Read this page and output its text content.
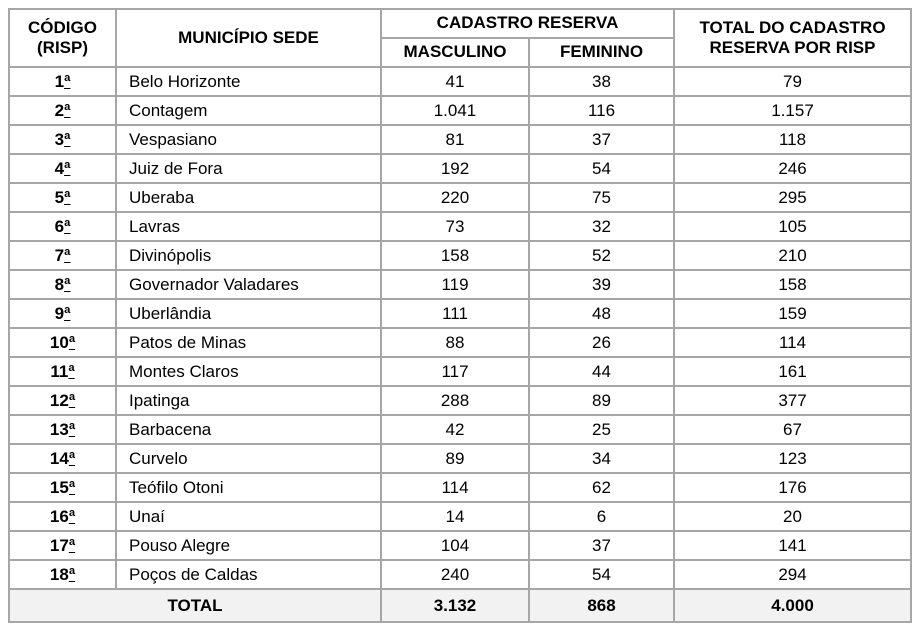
CÓDIGO
(RISP)	MUNICÍPIO SEDE	CADASTRO RESERVA		TOTAL DO CADASTRO RESERVA POR RISP
		MASCULINO	FEMININO	
1ª	Belo Horizonte	41	38	79
2ª	Contagem	1.041	116	1.157
3ª	Vespasiano	81	37	118
4ª	Juiz de Fora	192	54	246
5ª	Uberaba	220	75	295
6ª	Lavras	73	32	105
7ª	Divinópolis	158	52	210
8ª	Governador Valadares	119	39	158
9ª	Uberlândia	111	48	159
10ª	Patos de Minas	88	26	114
11ª	Montes Claros	117	44	161
12ª	Ipatinga	288	89	377
13ª	Barbacena	42	25	67
14ª	Curvelo	89	34	123
15ª	Teófilo Otoni	114	62	176
16ª	Unaí	14	6	20
17ª	Pouso Alegre	104	37	141
18ª	Poços de Caldas	240	54	294
TOTAL		3.132	868	4.000
